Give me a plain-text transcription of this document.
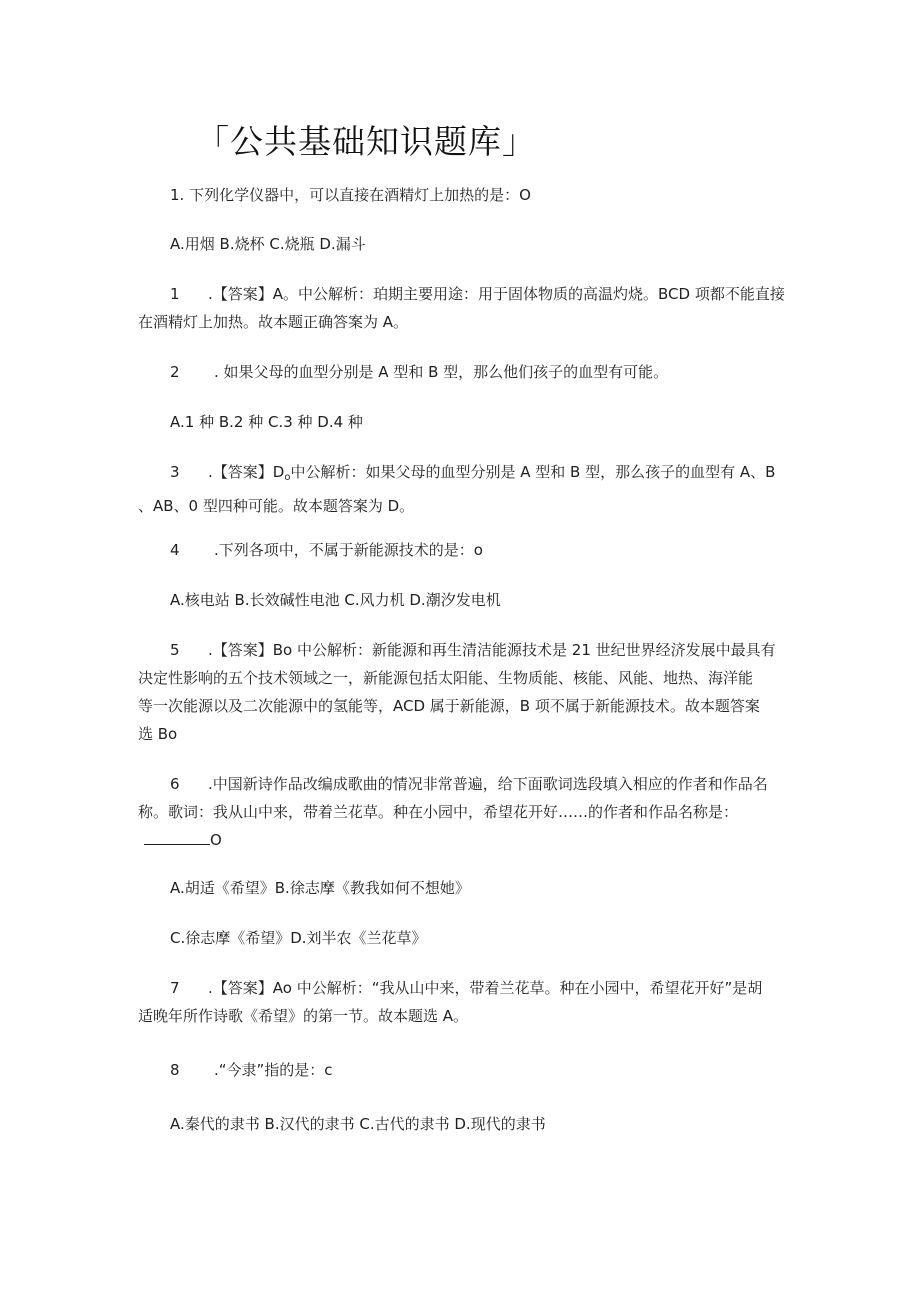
「公共基础知识题库」
1. 下列化学仪器中，可以直接在酒精灯上加热的是：O
A.用烟 B.烧杯 C.烧瓶 D.漏斗
1 .【答案】A。中公解析：珀期主要用途：用于固体物质的高温灼烧。BCD 项都不能直接
在酒精灯上加热。故本题正确答案为 A。
2 . 如果父母的血型分别是 A 型和 B 型，那么他们孩子的血型有可能。
A.1 种 B.2 种 C.3 种 D.4 种
3 .【答案】$D_o$中公解析：如果父母的血型分别是 A 型和 B 型，那么孩子的血型有 A、B
、AB、0 型四种可能。故本题答案为 D。
4 .下列各项中，不属于新能源技术的是：o
A.核电站 B.长效碱性电池 C.风力机 D.潮汐发电机
5 .【答案】Bo 中公解析：新能源和再生清洁能源技术是 21 世纪世界经济发展中最具有
决定性影响的五个技术领域之一，新能源包括太阳能、生物质能、核能、风能、地热、海洋能
等一次能源以及二次能源中的氢能等，ACD 属于新能源，B 项不属于新能源技术。故本题答案
选 Bo
6 .中国新诗作品改编成歌曲的情况非常普遍，给下面歌词选段填入相应的作者和作品名
称。歌词：我从山中来，带着兰花草。种在小园中，希望花开好……的作者和作品名称是：
O
A.胡适《希望》B.徐志摩《教我如何不想她》
C.徐志摩《希望》D.刘半农《兰花草》
7 .【答案】Ao 中公解析：“我从山中来，带着兰花草。种在小园中，希望花开好”是胡
适晚年所作诗歌《希望》的第一节。故本题选 A。
8 .“今隶”指的是：c
A.秦代的隶书 B.汉代的隶书 C.古代的隶书 D.现代的隶书
